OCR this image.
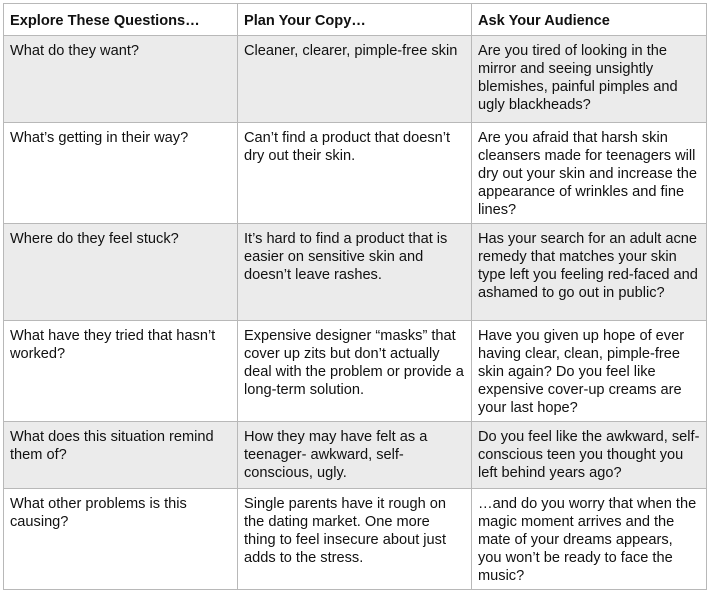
Explore These Questions…	Plan Your Copy…	Ask Your Audience
What do they want?	Cleaner, clearer, pimple-free skin	Are you tired of looking in the mirror and seeing unsightly blemishes, painful pimples and ugly blackheads?
What’s getting in their way?	Can’t find a product that doesn’t dry out their skin.	Are you afraid that harsh skin cleansers made for teenagers will dry out your skin and increase the appearance of wrinkles and fine lines?
Where do they feel stuck?	It’s hard to find a product that is easier on sensitive skin and doesn’t leave rashes.	Has your search for an adult acne remedy that matches your skin type left you feeling red-faced and ashamed to go out in public?
What have they tried that hasn’t worked?	Expensive designer “masks” that cover up zits but don’t actually deal with the problem or provide a long-term solution.	Have you given up hope of ever having clear, clean, pimple-free skin again? Do you feel like expensive cover-up creams are your last hope?
What does this situation remind them of?	How they may have felt as a teenager- awkward, self-conscious, ugly.	Do you feel like the awkward, self-conscious teen you thought you left behind years ago?
What other problems is this causing?	Single parents have it rough on the dating market. One more thing to feel insecure about just adds to the stress.	…and do you worry that when the magic moment arrives and the mate of your dreams appears, you won’t be ready to face the music?
